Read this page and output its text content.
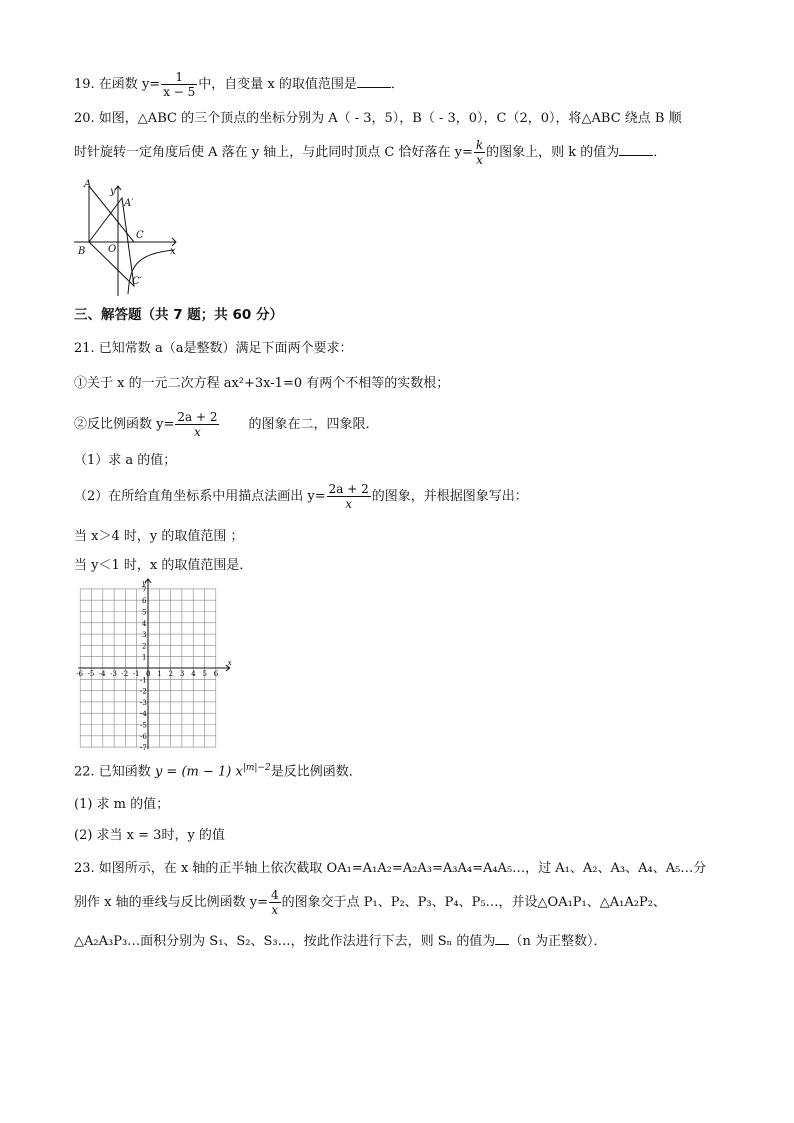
19. 在函数 $y= \frac{1}{x - 5}$ 中，自变量 x 的取值范围是	．
20. 如图，△ABC 的三个顶点的坐标分别为 A（ - 3，5），B（ - 3，0），C（2，0），将△ABC 绕点 B 顺
时针旋转一定角度后使 A 落在 y 轴上，与此同时顶点 C 恰好落在 $y= \frac{k}{x}$ 的图象上，则 k 的值为	．
A
y
A′
C
B O	x
C′
三、解答题（共 7 题；共 60 分）
21. 已知常数 a（a是整数）满足下面两个要求：
①关于 x 的一元二次方程 ax²+3x-1=0 有两个不相等的实数根；
②反比例函数 $y= \frac{2a + 2}{x}$ 的图象在二，四象限．
（1）求 a 的值；
（2）在所给直角坐标系中用描点法画出 $y= \frac{2a + 2}{x}$ 的图象，并根据图象写出：
当 x＞4 时，y 的取值范围 ；
当 y＜1 时，x 的取值范围是．
x
y
-6 -5 -4 -3 -2 -1 0 1 2 3 4 5 6
7
6
5
4
3
2
1
-1
-2
-3
-4
-5
-6
-7
22. 已知函数 y = (m − 1) $x^{|m|-2}$是反比例函数．
(1) 求 m 的值；
(2) 求当 x = 3时，y 的值
23. 如图所示，在 x 轴的正半轴上依次截取 OA₁=A₁A₂=A₂A₃=A₃A₄=A₄A₅…，过 A₁、A₂、A₃、A₄、A₅…分
别作 x 轴的垂线与反比例函数 $y= \frac{4}{x}$ 的图象交于点 P₁、P₂、P₃、P₄、P₅…，并设△OA₁P₁、△A₁A₂P₂、
△A₂A₃P₃…面积分别为 S₁、S₂、S₃…，按此作法进行下去，则 Sₙ 的值为 （n 为正整数）．
